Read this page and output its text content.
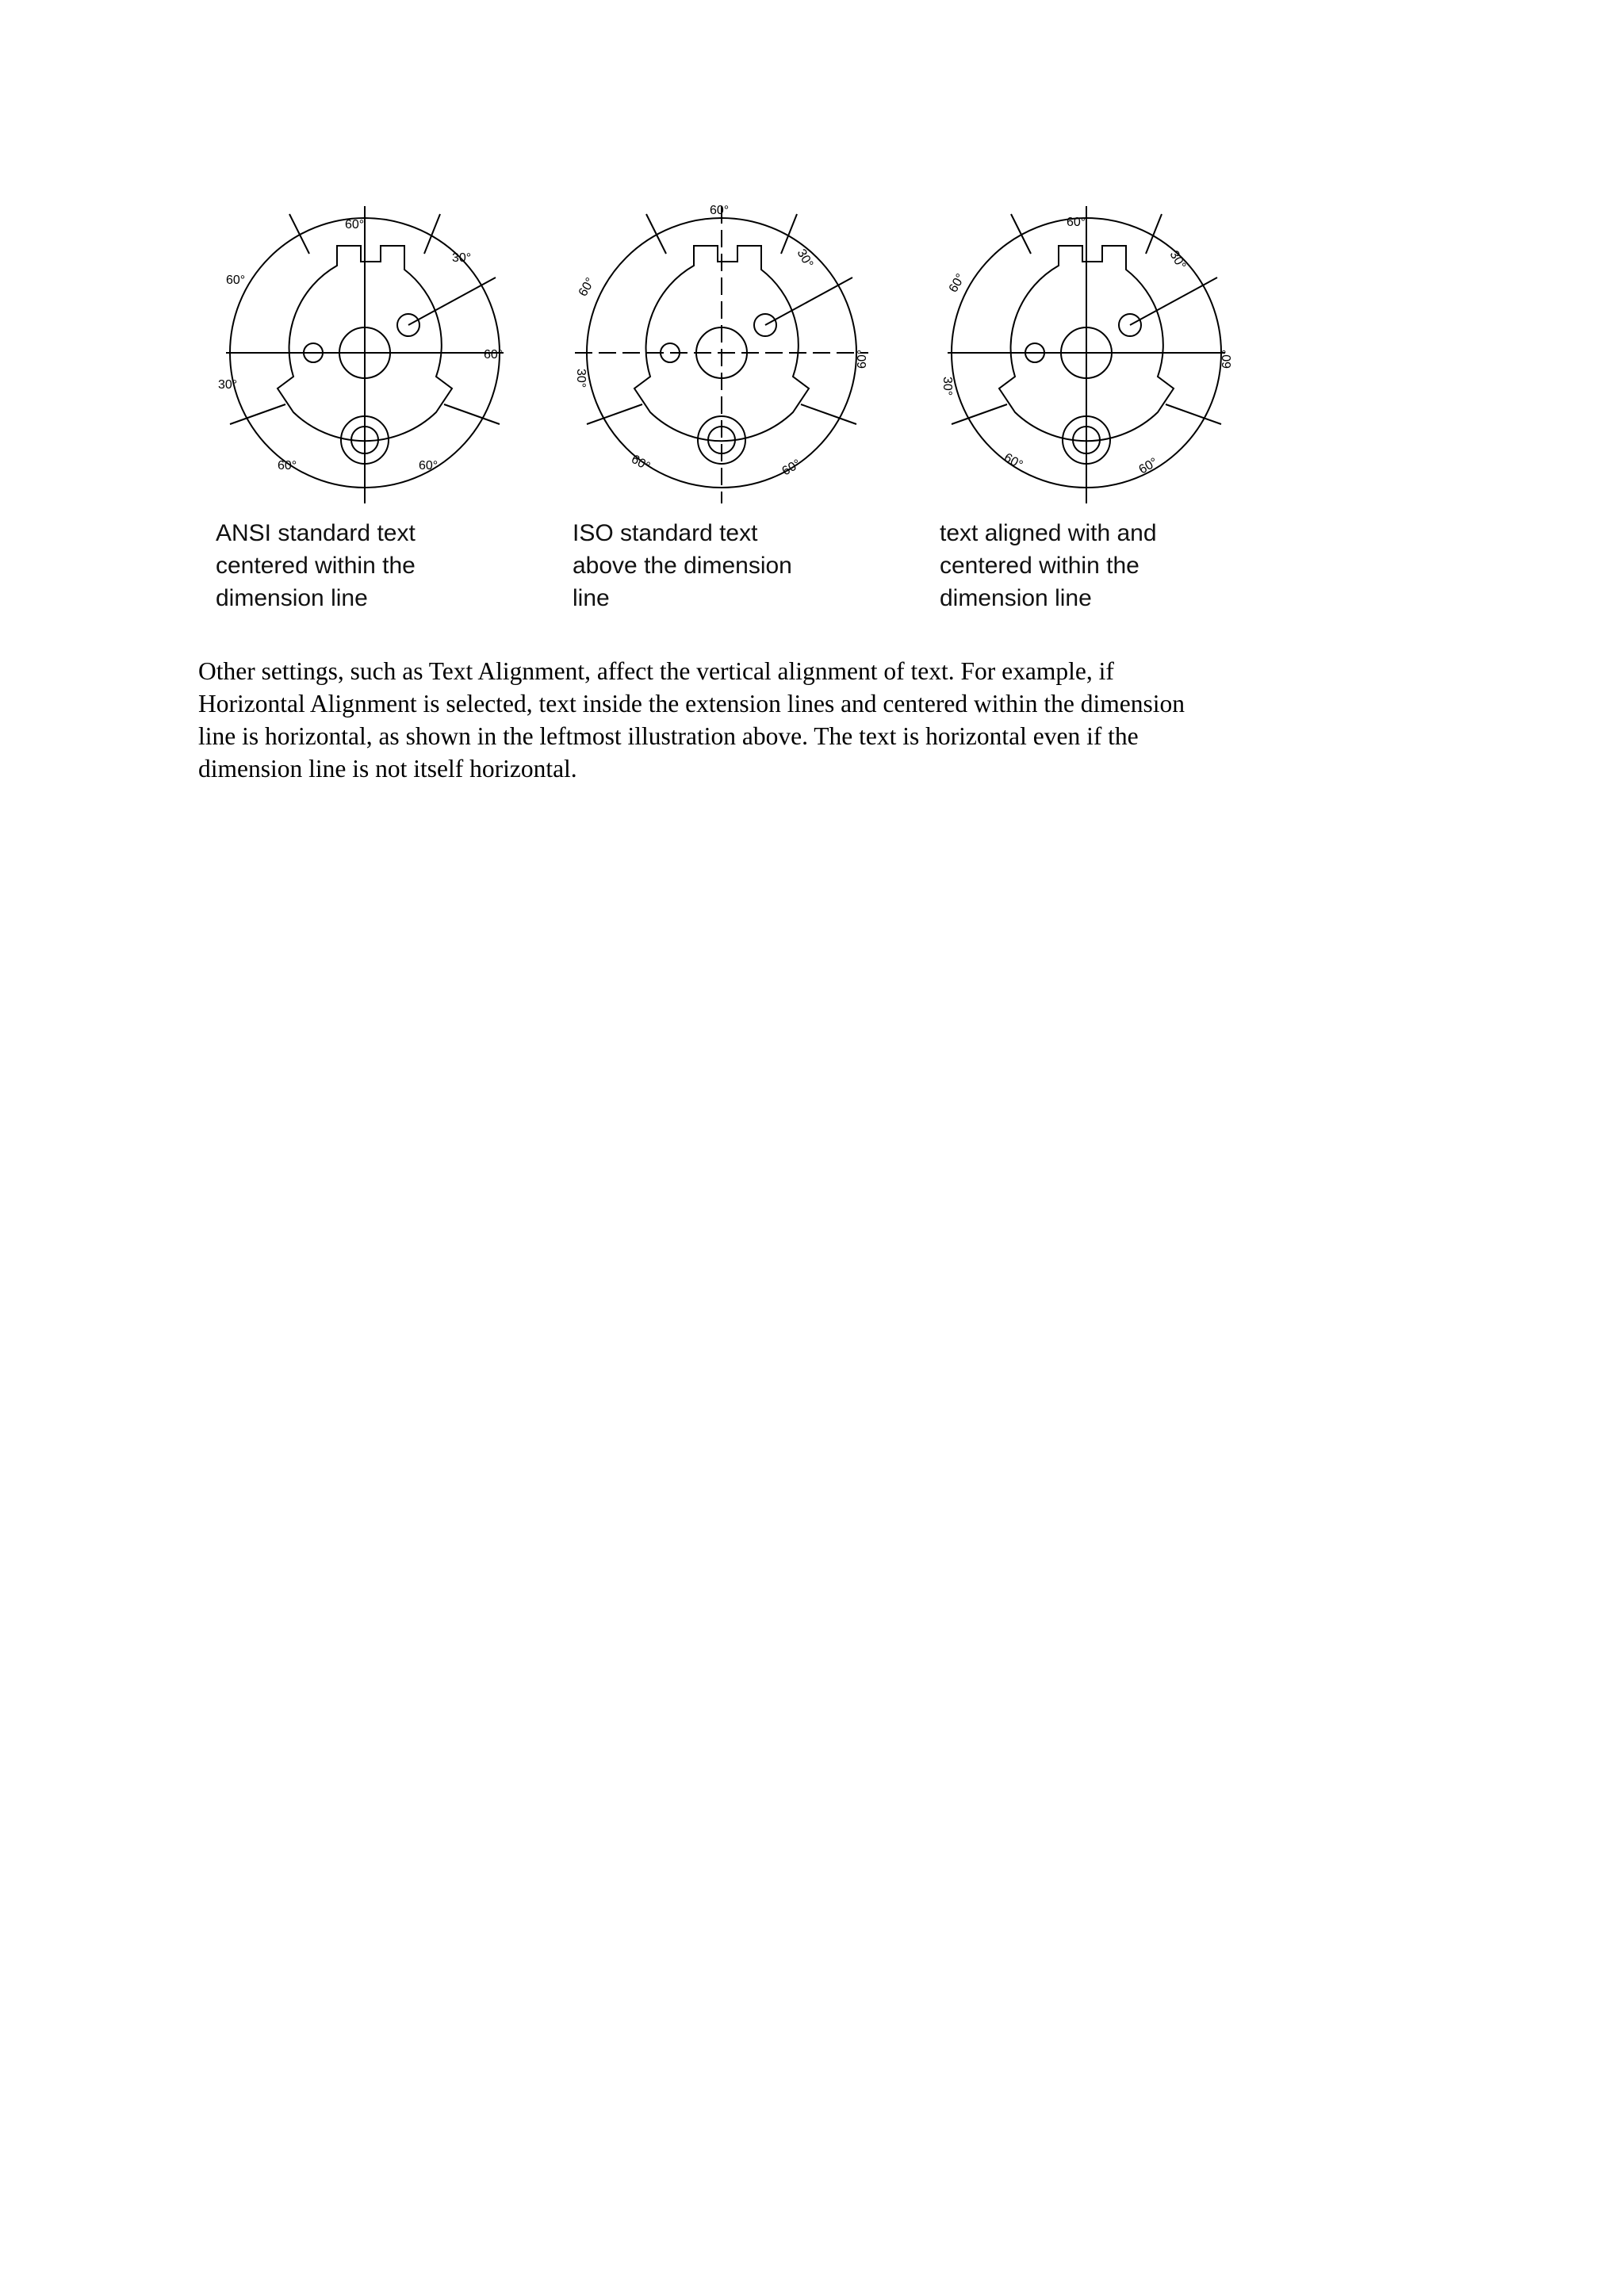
60°
30°
60°
60°
30°
60°	60°
60°
30°
60°
60°
30°
60°	60°
60°
30°
60°
60°
30°
60°	60°
ANSI standard text
centered within the
dimension line
ISO standard text
above the dimension
line
text aligned with and
centered within the
dimension line
Other settings, such as Text Alignment, affect the vertical alignment of text. For example, if
Horizontal Alignment is selected, text inside the extension lines and centered within the dimension
line is horizontal, as shown in the leftmost illustration above. The text is horizontal even if the
dimension line is not itself horizontal.
